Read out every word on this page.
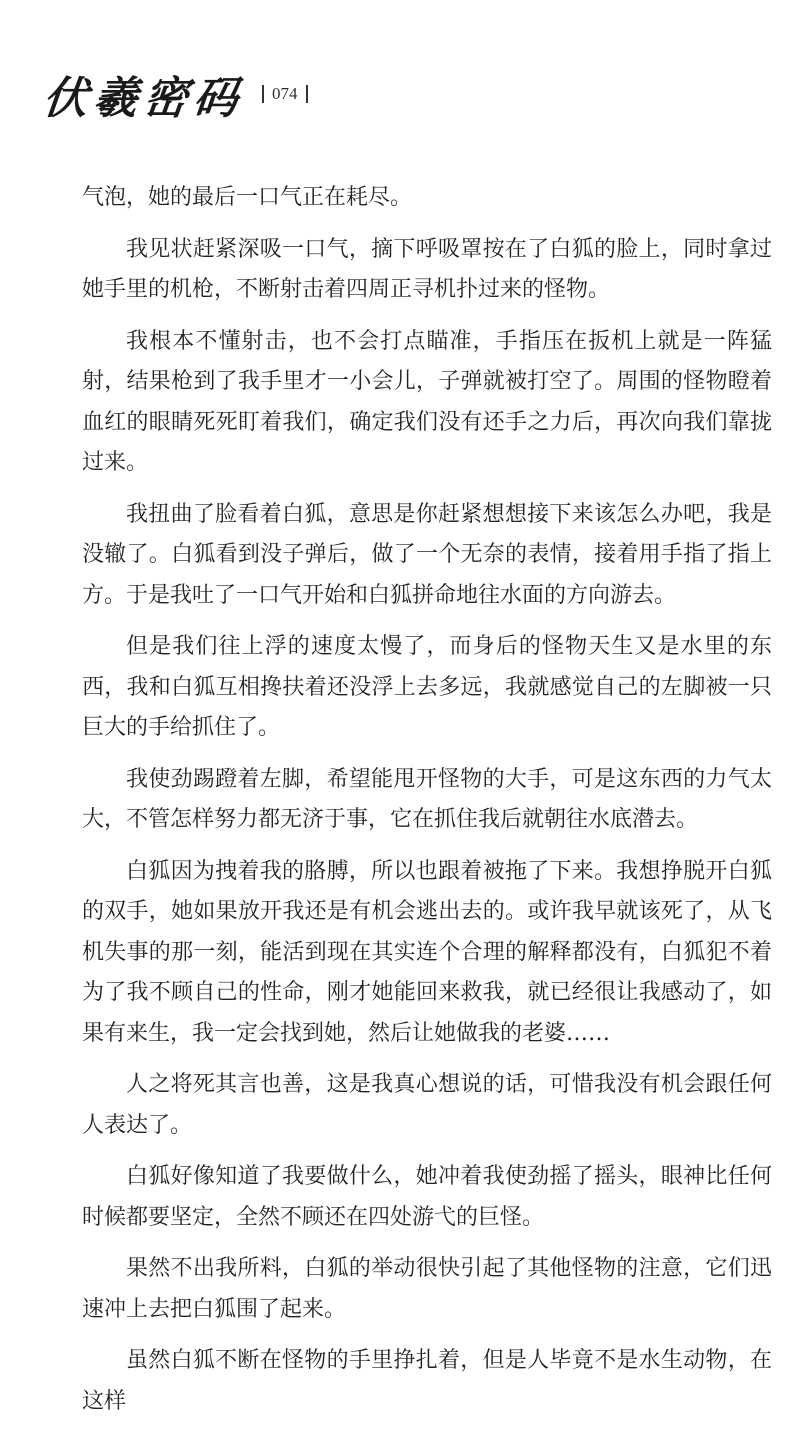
伏羲密码 074

气泡，她的最后一口气正在耗尽。

我见状赶紧深吸一口气，摘下呼吸罩按在了白狐的脸上，同时拿过她手里的机枪，不断射击着四周正寻机扑过来的怪物。

我根本不懂射击，也不会打点瞄准，手指压在扳机上就是一阵猛射，结果枪到了我手里才一小会儿，子弹就被打空了。周围的怪物瞪着血红的眼睛死死盯着我们，确定我们没有还手之力后，再次向我们靠拢过来。

我扭曲了脸看着白狐，意思是你赶紧想想接下来该怎么办吧，我是没辙了。白狐看到没子弹后，做了一个无奈的表情，接着用手指了指上方。于是我吐了一口气开始和白狐拼命地往水面的方向游去。

但是我们往上浮的速度太慢了，而身后的怪物天生又是水里的东西，我和白狐互相搀扶着还没浮上去多远，我就感觉自己的左脚被一只巨大的手给抓住了。

我使劲踢蹬着左脚，希望能甩开怪物的大手，可是这东西的力气太大，不管怎样努力都无济于事，它在抓住我后就朝往水底潜去。

白狐因为拽着我的胳膊，所以也跟着被拖了下来。我想挣脱开白狐的双手，她如果放开我还是有机会逃出去的。或许我早就该死了，从飞机失事的那一刻，能活到现在其实连个合理的解释都没有，白狐犯不着为了我不顾自己的性命，刚才她能回来救我，就已经很让我感动了，如果有来生，我一定会找到她，然后让她做我的老婆……

人之将死其言也善，这是我真心想说的话，可惜我没有机会跟任何人表达了。

白狐好像知道了我要做什么，她冲着我使劲摇了摇头，眼神比任何时候都要坚定，全然不顾还在四处游弋的巨怪。

果然不出我所料，白狐的举动很快引起了其他怪物的注意，它们迅速冲上去把白狐围了起来。

虽然白狐不断在怪物的手里挣扎着，但是人毕竟不是水生动物，在这样
